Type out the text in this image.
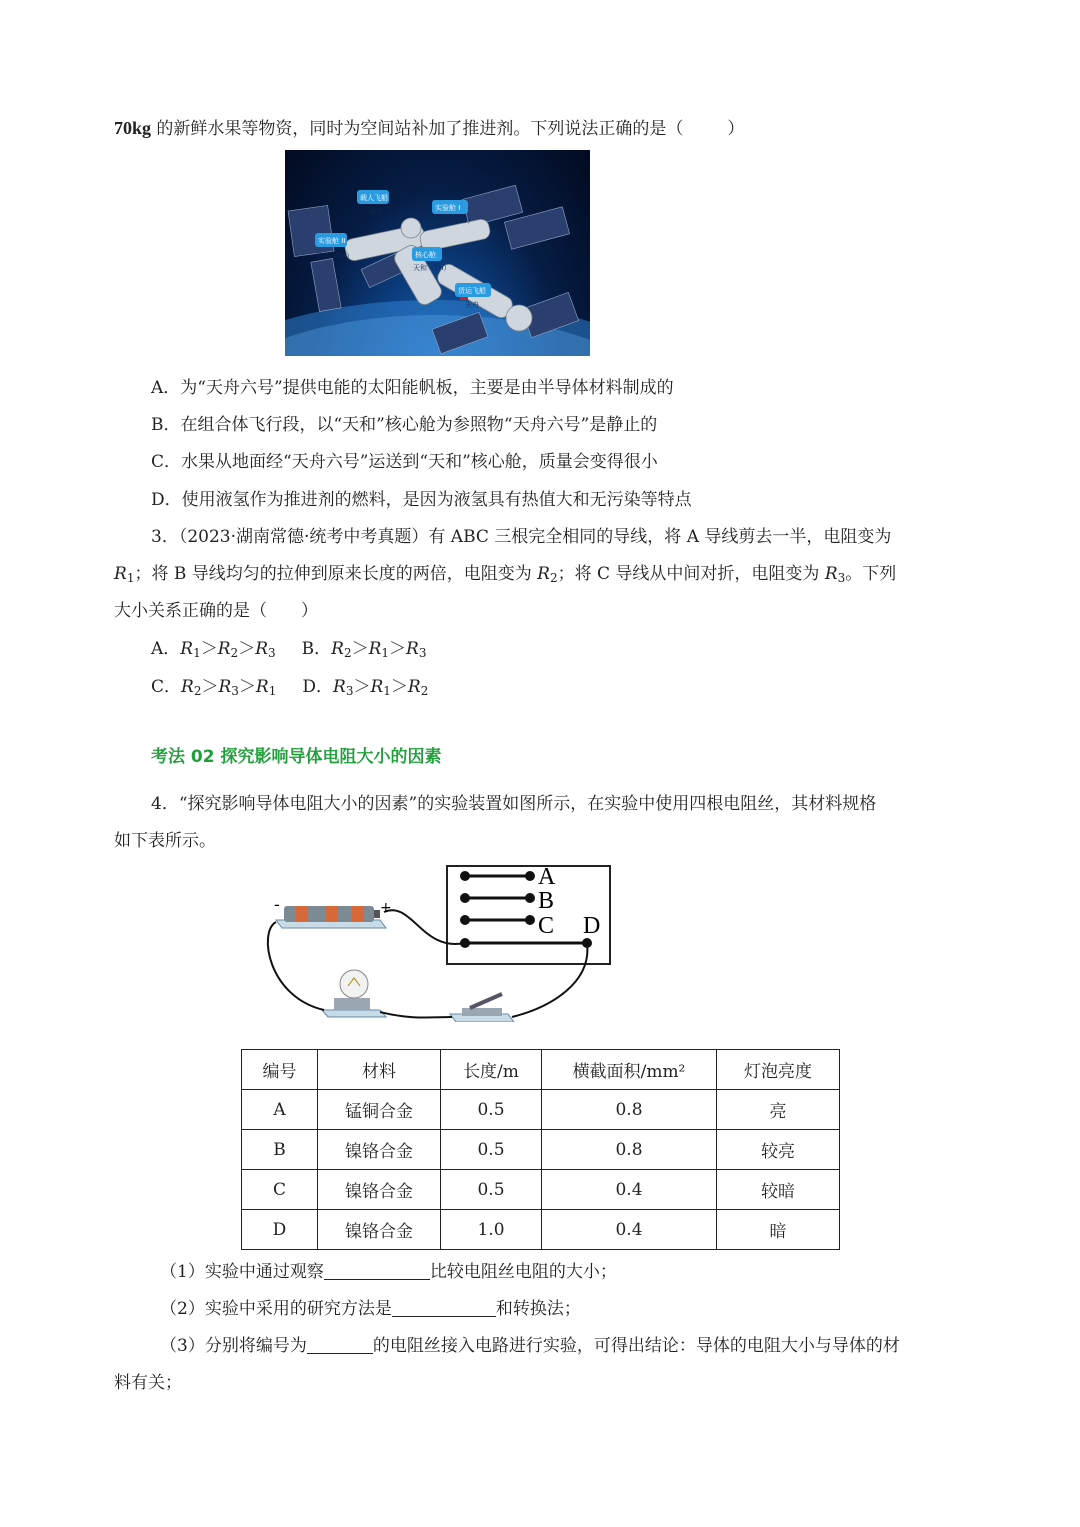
70kg 的新鲜水果等物资，同时为空间站补加了推进剂。下列说法正确的是（	）
载人飞船
实验舱 I
实验舱 II
核心舱
货运飞船
神舟
天问（TW）
天宇（TM）
天和（TH）
天舟
A．为“天舟六号”提供电能的太阳能帆板，主要是由半导体材料制成的
B．在组合体飞行段，以“天和”核心舱为参照物“天舟六号”是静止的
C．水果从地面经“天舟六号”运送到“天和”核心舱，质量会变得很小
D．使用液氢作为推进剂的燃料，是因为液氢具有热值大和无污染等特点
3．（2023·湖南常德·统考中考真题）有 ABC 三根完全相同的导线，将 A 导线剪去一半，电阻变为
$R_1$；将 B 导线均匀的拉伸到原来长度的两倍，电阻变为 $R_2$；将 C 导线从中间对折，电阻变为 $R_3$。下列
大小关系正确的是（　　）
A．$R_1>R_2>R_3$ B．$R_2>R_1>R_3$
C．$R_2>R_3>R_1$ D．$R_3>R_1>R_2$
考法 02 探究影响导体电阻大小的因素
4．“探究影响导体电阻大小的因素”的实验装置如图所示，在实验中使用四根电阻丝，其材料规格
如下表所示。
A
B
C D
-	+
编号	材料	长度/m	横截面积/mm²	灯泡亮度
A	锰铜合金	0.5	0.8	亮
B	镍铬合金	0.5	0.8	较亮
C	镍铬合金	0.5	0.4	较暗
D	镍铬合金	1.0	0.4	暗
（1）实验中通过观察	比较电阻丝电阻的大小；
（2）实验中采用的研究方法是	和转换法；
（3）分别将编号为	的电阻丝接入电路进行实验，可得出结论：导体的电阻大小与导体的材
料有关；
